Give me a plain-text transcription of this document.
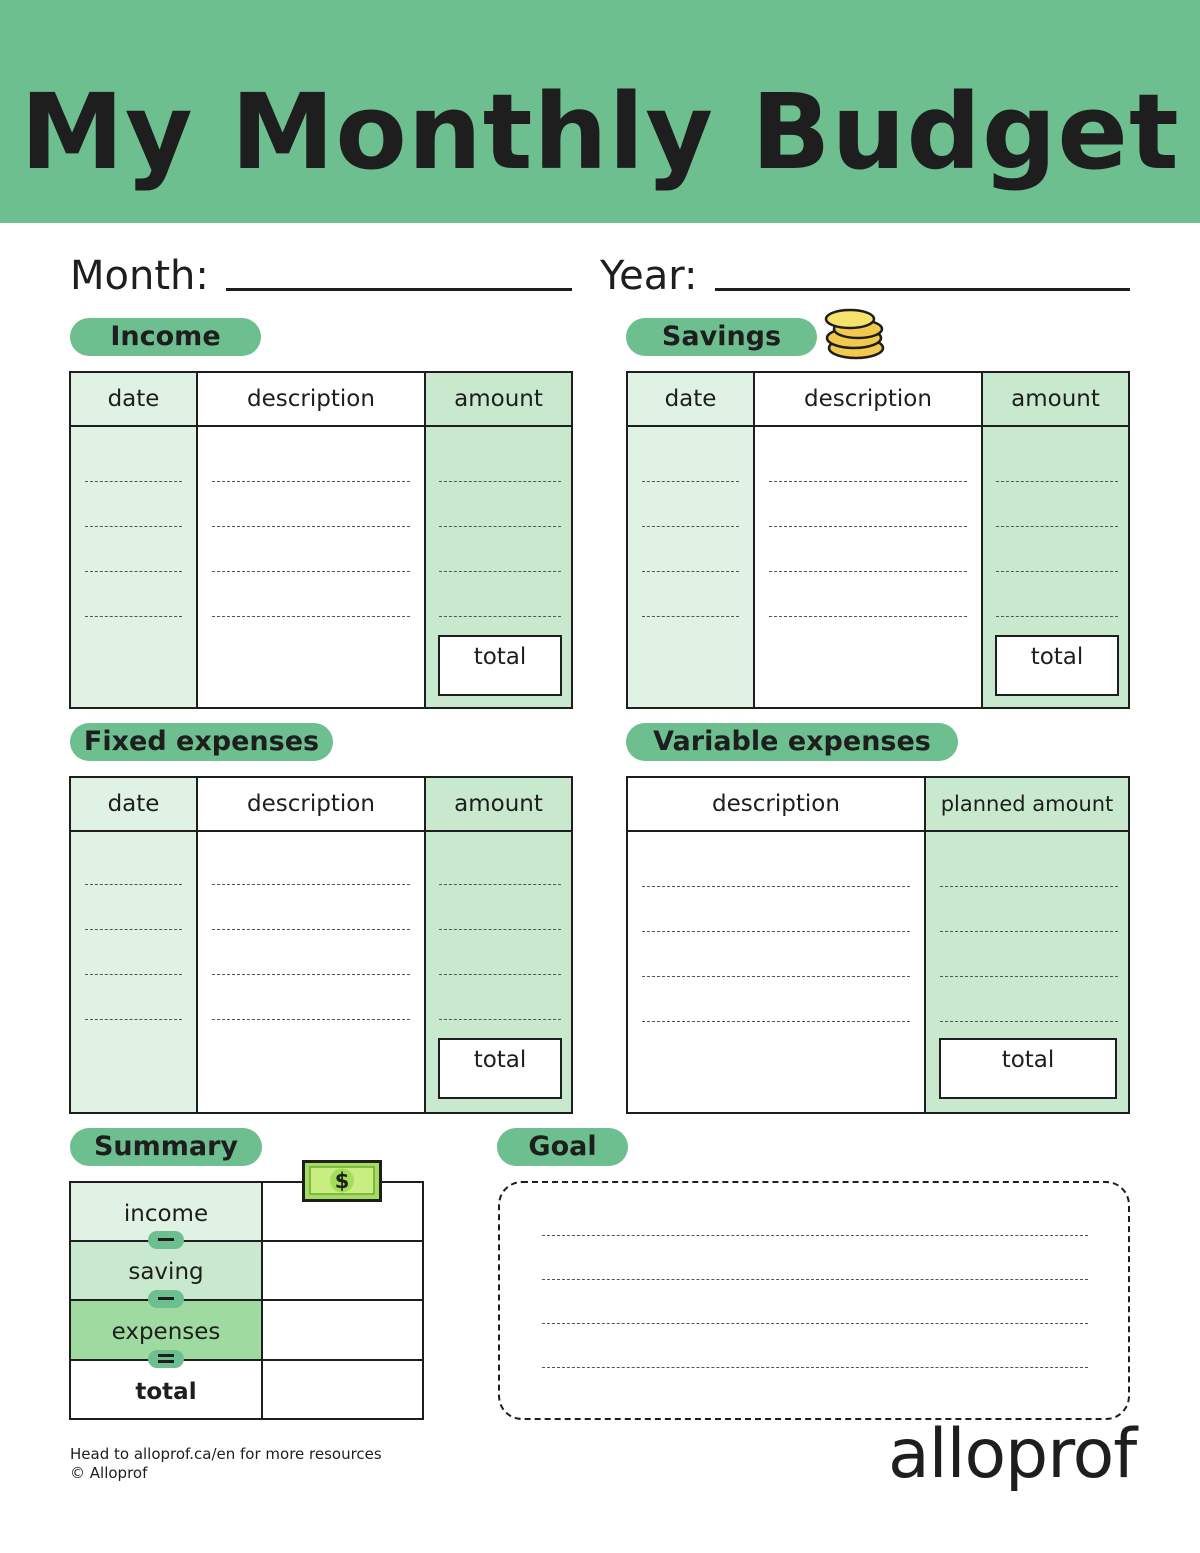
My Monthly Budget
Month:	Year:
Income
date	description	amount
total
Savings
date	description	amount
total
Fixed expenses
date	description	amount
total
Variable expenses
description	planned amount
total
Summary
income
saving
expenses
total
$
Goal
Head to alloprof.ca/en for more resources
© Alloprof	alloprof
